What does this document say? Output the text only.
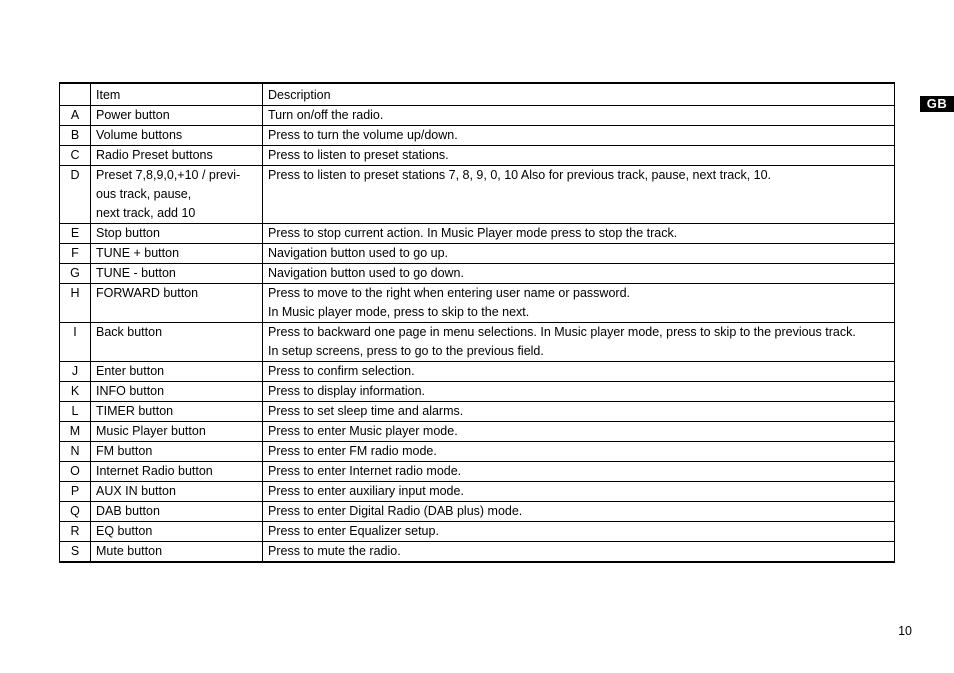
GB
	Item	Description
A	Power button	Turn on/off the radio.

B	Volume buttons	Press to turn the volume up/down.

C	Radio Preset buttons	Press to listen to preset stations.

D	Preset 7,8,9,0,+10 / previ-
ous track, pause,
next track, add 10	Press to listen to preset stations 7, 8, 9, 0, 10 Also for previous track, pause, next track, 10.

E	Stop button	Press to stop current action. In Music Player mode press to stop the track.

F	TUNE + button	Navigation button used to go up.

G	TUNE - button	Navigation button used to go down.

H	FORWARD button	Press to move to the right when entering user name or password.
In Music player mode, press to skip to the next.

I	Back button	Press to backward one page in menu selections. In Music player mode, press to skip to the previous track.
In setup screens, press to go to the previous field.

J	Enter button	Press to confirm selection.

K	INFO button	Press to display information.

L	TIMER button	Press to set sleep time and alarms.

M	Music Player button	Press to enter Music player mode.

N	FM button	Press to enter FM radio mode.

O	Internet Radio button	Press to enter Internet radio mode.

P	AUX IN button	Press to enter auxiliary input mode.

Q	DAB button	Press to enter Digital Radio (DAB plus) mode.

R	EQ button	Press to enter Equalizer setup.

S	Mute button	Press to mute the radio.
10
